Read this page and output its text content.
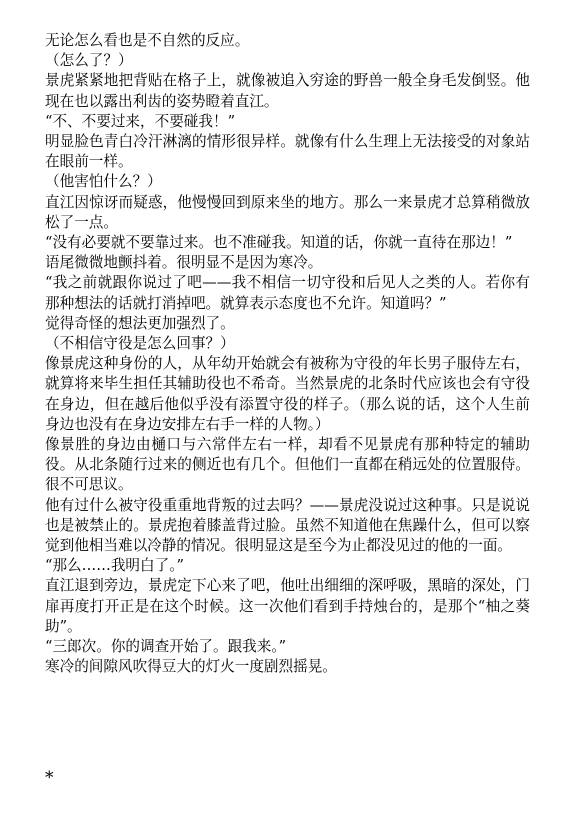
无论怎么看也是不自然的反应。

（怎么了？）

景虎紧紧地把背贴在格子上，就像被追入穷途的野兽一般全身毛发倒竖。他现在也以露出利齿的姿势瞪着直江。

“不、不要过来，不要碰我！”

明显脸色青白冷汗淋漓的情形很异样。就像有什么生理上无法接受的对象站在眼前一样。

（他害怕什么？）

直江因惊讶而疑惑，他慢慢回到原来坐的地方。那么一来景虎才总算稍微放松了一点。

“没有必要就不要靠过来。也不准碰我。知道的话，你就一直待在那边！”

语尾微微地颤抖着。很明显不是因为寒冷。

“我之前就跟你说过了吧——我不相信一切守役和后见人之类的人。若你有那种想法的话就打消掉吧。就算表示态度也不允许。知道吗？”

觉得奇怪的想法更加强烈了。

（不相信守役是怎么回事？）

像景虎这种身份的人，从年幼开始就会有被称为守役的年长男子服侍左右，就算将来毕生担任其辅助役也不希奇。当然景虎的北条时代应该也会有守役在身边，但在越后他似乎没有添置守役的样子。（那么说的话，这个人生前身边也没有在身边安排左右手一样的人物。）

像景胜的身边由樋口与六常伴左右一样，却看不见景虎有那种特定的辅助役。从北条随行过来的侧近也有几个。但他们一直都在稍远处的位置服侍。很不可思议。

他有过什么被守役重重地背叛的过去吗？——景虎没说过这种事。只是说说也是被禁止的。景虎抱着膝盖背过脸。虽然不知道他在焦躁什么，但可以察觉到他相当难以冷静的情况。很明显这是至今为止都没见过的他的一面。

“那么……我明白了。”

直江退到旁边，景虎定下心来了吧，他吐出细细的深呼吸，黑暗的深处，门扉再度打开正是在这个时候。这一次他们看到手持烛台的，是那个“柚之葵助”。

“三郎次。你的调查开始了。跟我来。”

寒冷的间隙风吹得豆大的灯火一度剧烈摇晃。

*
